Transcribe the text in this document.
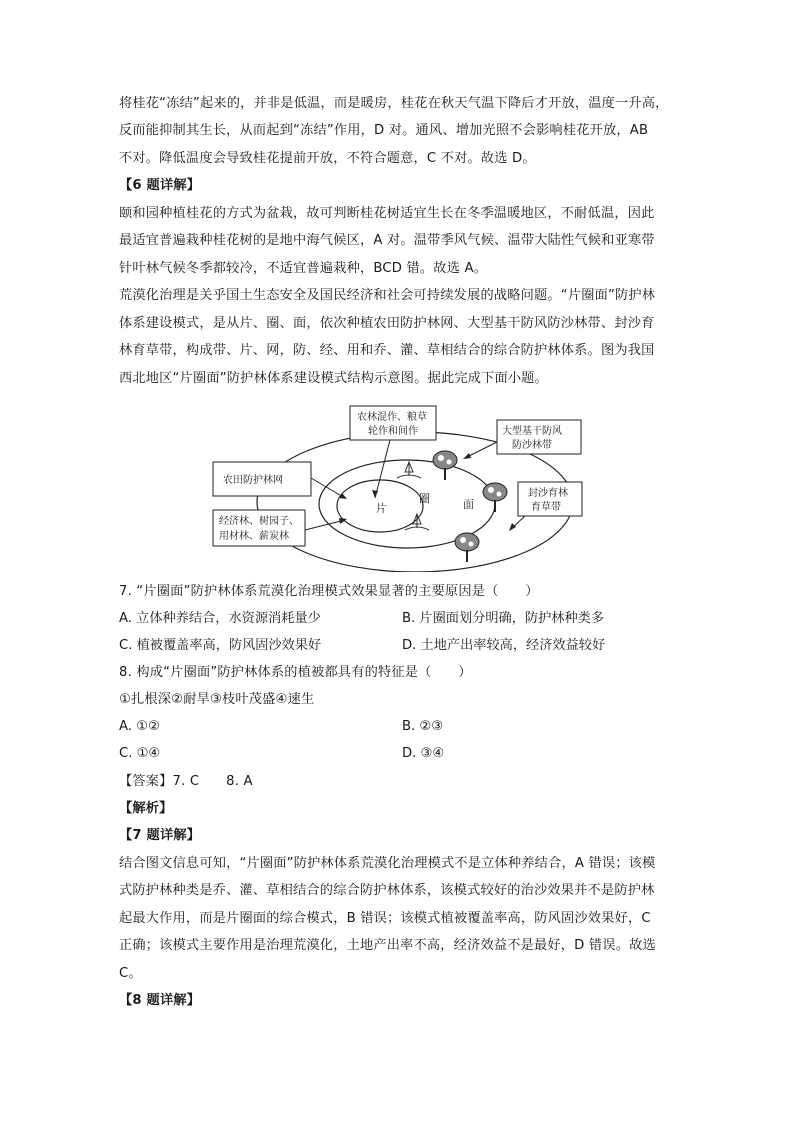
将桂花“冻结”起来的，并非是低温，而是暖房，桂花在秋天气温下降后才开放，温度一升高，
反而能抑制其生长，从而起到“冻结”作用，D 对。通风、增加光照不会影响桂花开放，AB
不对。降低温度会导致桂花提前开放，不符合题意，C 不对。故选 D。
【6 题详解】
颐和园种植桂花的方式为盆栽，故可判断桂花树适宜生长在冬季温暖地区，不耐低温，因此
最适宜普遍栽种桂花树的是地中海气候区，A 对。温带季风气候、温带大陆性气候和亚寒带
针叶林气候冬季都较冷，不适宜普遍栽种，BCD 错。故选 A。
荒漠化治理是关乎国土生态安全及国民经济和社会可持续发展的战略问题。“片圈面”防护林
体系建设模式，是从片、圈、面，依次种植农田防护林网、大型基干防风防沙林带、封沙育
林育草带，构成带、片、网，防、经、用和乔、灌、草相结合的综合防护林体系。图为我国
西北地区“片圈面”防护林体系建设模式结构示意图。据此完成下面小题。
片
圈	面
农林混作、粮草
轮作和间作	大型基干防风
防沙林带
农田防护林网
封沙育林
育草带
经济林、树园子、
用材林、薪炭林
7. “片圈面”防护林体系荒漠化治理模式效果显著的主要原因是（　　）
A. 立体种养结合，水资源消耗量少	B. 片圈面划分明确，防护林种类多
C. 植被覆盖率高，防风固沙效果好	D. 土地产出率较高，经济效益较好
8. 构成“片圈面”防护林体系的植被都具有的特征是（　　）
①扎根深②耐旱③枝叶茂盛④速生
A. ①②	B. ②③
C. ①④	D. ③④
【答案】7. C　　8. A
【解析】
【7 题详解】
结合图文信息可知，“片圈面”防护林体系荒漠化治理模式不是立体种养结合，A 错误；该模
式防护林种类是乔、灌、草相结合的综合防护林体系，该模式较好的治沙效果并不是防护林
起最大作用，而是片圈面的综合模式，B 错误；该模式植被覆盖率高，防风固沙效果好，C
正确；该模式主要作用是治理荒漠化，土地产出率不高，经济效益不是最好，D 错误。故选
C。
【8 题详解】
